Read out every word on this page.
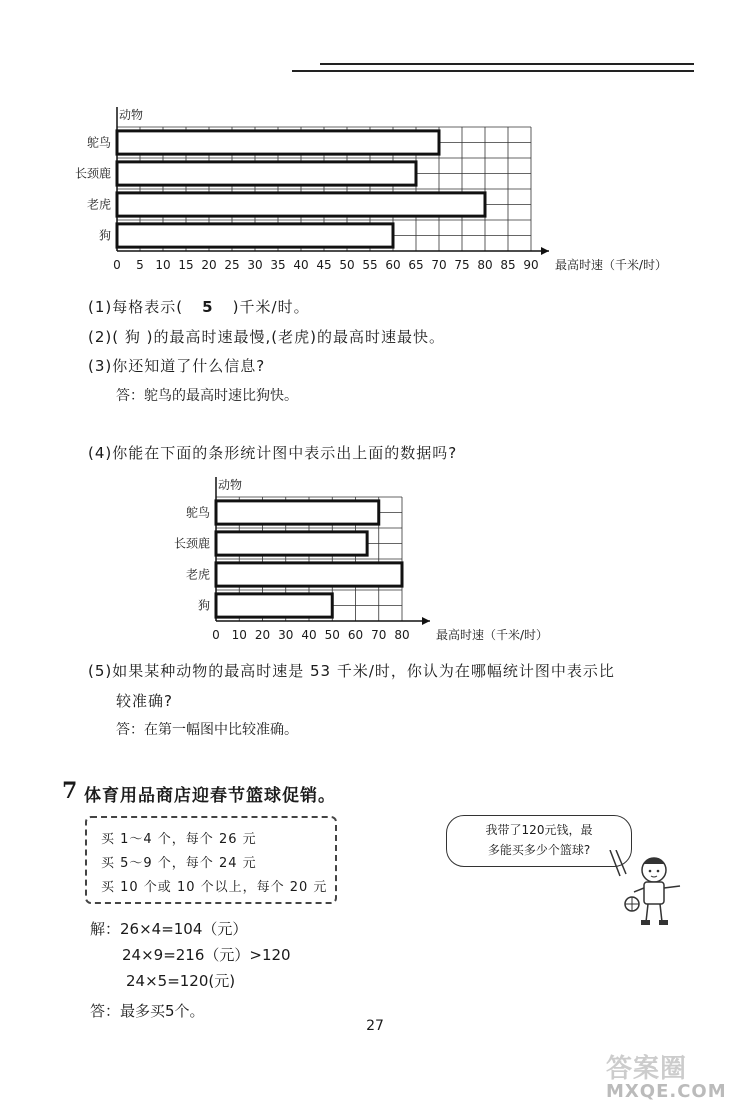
鸵鸟
长颈鹿
老虎
狗
0 5 10 15 20 25 30 35 40 45 50 55 60 65 70 75 80 85 90
动物
最高时速（千米/时）
(1)每格表示( 5 )千米/时。
(2)( 狗 )的最高时速最慢,(老虎)的最高时速最快。
(3)你还知道了什么信息?
答：鸵鸟的最高时速比狗快。
(4)你能在下面的条形统计图中表示出上面的数据吗?
鸵鸟
长颈鹿
老虎
狗
0 10 20 30 40 50 60 70 80
动物
最高时速（千米/时）
(5)如果某种动物的最高时速是 53 千米/时，你认为在哪幅统计图中表示比
较准确?
答：在第一幅图中比较准确。
7 体育用品商店迎春节篮球促销。
买 1～4 个，每个 26 元
买 5～9 个，每个 24 元
买 10 个或 10 个以上，每个 20 元
我带了120元钱，最
多能买多少个篮球?
解：26×4=104（元）
24×9=216（元）>120
24×5=120(元)
答：最多买5个。
27
答案圈
MXQE.COM
